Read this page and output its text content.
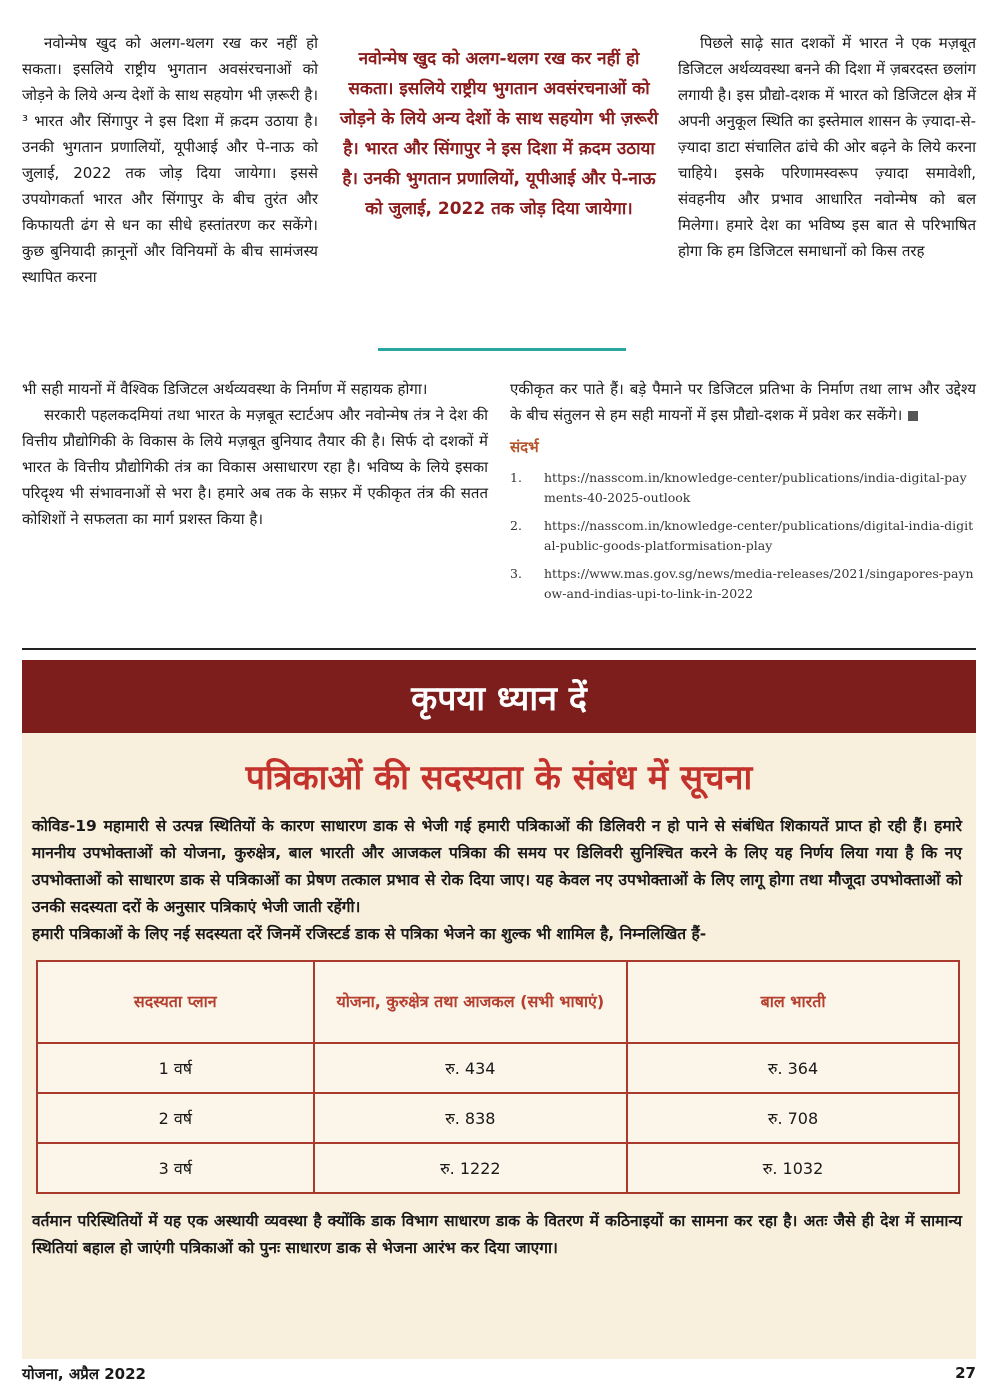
नवोन्मेष खुद को अलग-थलग रख कर नहीं हो सकता। इसलिये राष्ट्रीय भुगतान अवसंरचनाओं को जोड़ने के लिये अन्य देशों के साथ सहयोग भी ज़रूरी है।³ भारत और सिंगापुर ने इस दिशा में क़दम उठाया है। उनकी भुगतान प्रणालियों, यूपीआई और पे-नाऊ को जुलाई, 2022 तक जोड़ दिया जायेगा। इससे उपयोगकर्ता भारत और सिंगापुर के बीच तुरंत और किफायती ढंग से धन का सीधे हस्तांतरण कर सकेंगे। कुछ बुनियादी क़ानूनों और विनियमों के बीच सामंजस्य स्थापित करना

नवोन्मेष खुद को अलग-थलग रख कर नहीं हो सकता। इसलिये राष्ट्रीय भुगतान अवसंरचनाओं को जोड़ने के लिये अन्य देशों के साथ सहयोग भी ज़रूरी है। भारत और सिंगापुर ने इस दिशा में क़दम उठाया है। उनकी भुगतान प्रणालियों, यूपीआई और पे-नाऊ को जुलाई, 2022 तक जोड़ दिया जायेगा।

पिछले साढ़े सात दशकों में भारत ने एक मज़बूत डिजिटल अर्थव्यवस्था बनने की दिशा में ज़बरदस्त छलांग लगायी है। इस प्रौद्यो-दशक में भारत को डिजिटल क्षेत्र में अपनी अनुकूल स्थिति का इस्तेमाल शासन के ज़्यादा-से-ज़्यादा डाटा संचालित ढांचे की ओर बढ़ने के लिये करना चाहिये। इसके परिणामस्वरूप ज़्यादा समावेशी, संवहनीय और प्रभाव आधारित नवोन्मेष को बल मिलेगा। हमारे देश का भविष्य इस बात से परिभाषित होगा कि हम डिजिटल समाधानों को किस तरह

भी सही मायनों में वैश्विक डिजिटल अर्थव्यवस्था के निर्माण में सहायक होगा।

सरकारी पहलकदमियां तथा भारत के मज़बूत स्टार्टअप और नवोन्मेष तंत्र ने देश की वित्तीय प्रौद्योगिकी के विकास के लिये मज़बूत बुनियाद तैयार की है। सिर्फ दो दशकों में भारत के वित्तीय प्रौद्योगिकी तंत्र का विकास असाधारण रहा है। भविष्य के लिये इसका परिदृश्य भी संभावनाओं से भरा है। हमारे अब तक के सफ़र में एकीकृत तंत्र की सतत कोशिशों ने सफलता का मार्ग प्रशस्त किया है।

एकीकृत कर पाते हैं। बड़े पैमाने पर डिजिटल प्रतिभा के निर्माण तथा लाभ और उद्देश्य के बीच संतुलन से हम सही मायनों में इस प्रौद्यो-दशक में प्रवेश कर सकेंगे।

संदर्भ
1.	https://nasscom.in/knowledge-center/publications/india-digital-payments-40-2025-outlook
2.	https://nasscom.in/knowledge-center/publications/digital-india-digital-public-goods-platformisation-play
3.	https://www.mas.gov.sg/news/media-releases/2021/singapores-paynow-and-indias-upi-to-link-in-2022
कृपया ध्यान दें
पत्रिकाओं की सदस्यता के संबंध में सूचना

कोविड-19 महामारी से उत्पन्न स्थितियों के कारण साधारण डाक से भेजी गई हमारी पत्रिकाओं की डिलिवरी न हो पाने से संबंधित शिकायतें प्राप्त हो रही हैं। हमारे माननीय उपभोक्ताओं को योजना, कुरुक्षेत्र, बाल भारती और आजकल पत्रिका की समय पर डिलिवरी सुनिश्चित करने के लिए यह निर्णय लिया गया है कि नए उपभोक्ताओं को साधारण डाक से पत्रिकाओं का प्रेषण तत्काल प्रभाव से रोक दिया जाए। यह केवल नए उपभोक्ताओं के लिए लागू होगा तथा मौजूदा उपभोक्ताओं को उनकी सदस्यता दरों के अनुसार पत्रिकाएं भेजी जाती रहेंगी।

हमारी पत्रिकाओं के लिए नई सदस्यता दरें जिनमें रजिस्टर्ड डाक से पत्रिका भेजने का शुल्क भी शामिल है, निम्नलिखित हैं-

सदस्यता प्लान	योजना, कुरुक्षेत्र तथा आजकल (सभी भाषाएं)	बाल भारती
1 वर्ष	रु. 434	रु. 364
2 वर्ष	रु. 838	रु. 708
3 वर्ष	रु. 1222	रु. 1032
वर्तमान परिस्थितियों में यह एक अस्थायी व्यवस्था है क्योंकि डाक विभाग साधारण डाक के वितरण में कठिनाइयों का सामना कर रहा है। अतः जैसे ही देश में सामान्य स्थितियां बहाल हो जाएंगी पत्रिकाओं को पुनः साधारण डाक से भेजना आरंभ कर दिया जाएगा।
योजना, अप्रैल 2022	27
